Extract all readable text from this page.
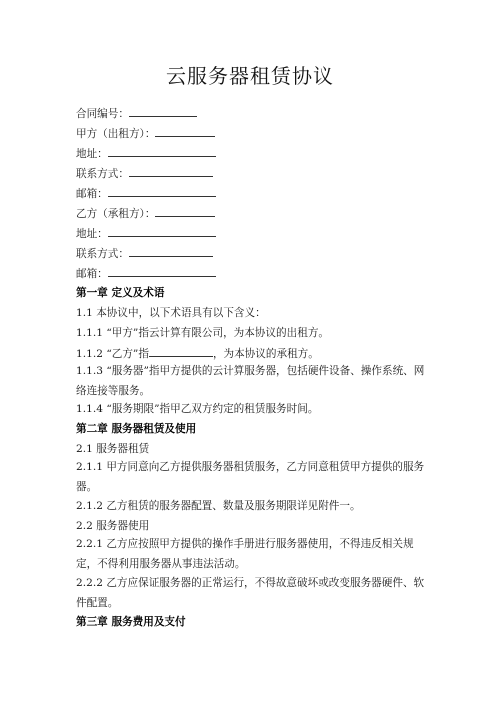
云服务器租赁协议
合同编号：
甲方（出租方）：
地址：
联系方式：
邮箱：
乙方（承租方）：
地址：
联系方式：
邮箱：
第一章 定义及术语
1.1 本协议中，以下术语具有以下含义：
1.1.1 “甲方”指云计算有限公司，为本协议的出租方。
1.1.2 “乙方”指	，为本协议的承租方。
1.1.3 “服务器”指甲方提供的云计算服务器，包括硬件设备、操作系统、网络连接等服务。
1.1.4 “服务期限”指甲乙双方约定的租赁服务时间。
第二章 服务器租赁及使用
2.1 服务器租赁
2.1.1 甲方同意向乙方提供服务器租赁服务，乙方同意租赁甲方提供的服务器。
2.1.2 乙方租赁的服务器配置、数量及服务期限详见附件一。
2.2 服务器使用
2.2.1 乙方应按照甲方提供的操作手册进行服务器使用，不得违反相关规定，不得利用服务器从事违法活动。
2.2.2 乙方应保证服务器的正常运行，不得故意破坏或改变服务器硬件、软件配置。
第三章 服务费用及支付
